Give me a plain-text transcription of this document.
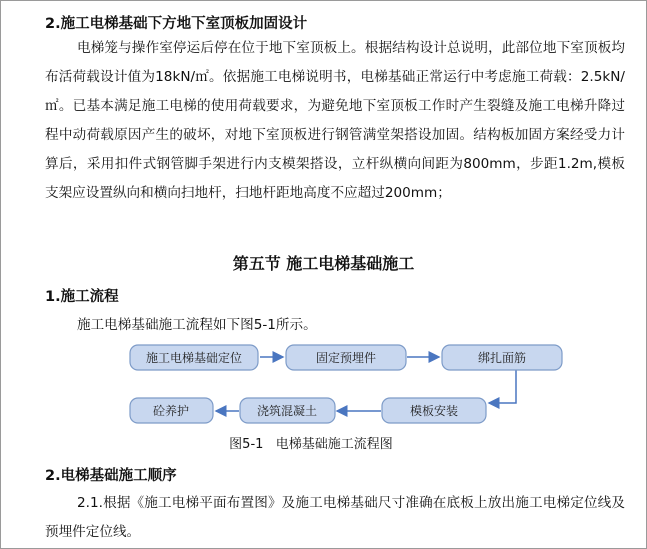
2.施工电梯基础下方地下室顶板加固设计
电梯笼与操作室停运后停在位于地下室顶板上。根据结构设计总说明，此部位地下室顶板均布活荷载设计值为18kN/㎡。依据施工电梯说明书，电梯基础正常运行中考虑施工荷载：2.5kN/㎡。已基本满足施工电梯的使用荷载要求，为避免地下室顶板工作时产生裂缝及施工电梯升降过程中动荷载原因产生的破坏，对地下室顶板进行钢管满堂架搭设加固。结构板加固方案经受力计算后，采用扣件式钢管脚手架进行内支模架搭设，立杆纵横向间距为800mm，步距1.2m,模板支架应设置纵向和横向扫地杆，扫地杆距地高度不应超过200mm；
第五节 施工电梯基础施工
1.施工流程
施工电梯基础施工流程如下图5-1所示。
施工电梯基础定位	固定预埋件	绑扎面筋
模板安装
浇筑混凝土
砼养护
图5-1   电梯基础施工流程图
2.电梯基础施工顺序
2.1.根据《施工电梯平面布置图》及施工电梯基础尺寸准确在底板上放出施工电梯定位线及预埋件定位线。
